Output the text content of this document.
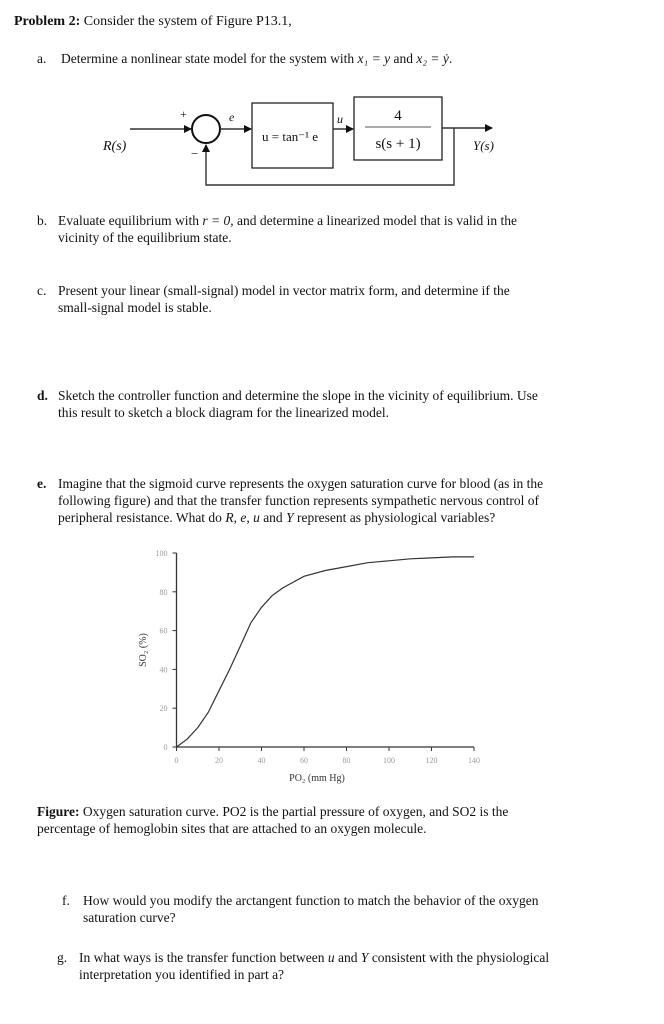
Problem 2: Consider the system of Figure P13.1,
a. Determine a nonlinear state model for the system with x₁ = y and x₂ = ẏ.
R(s)
+
−
e
u = tan⁻¹ e
u	4
s(s + 1)	Y(s)
b. Evaluate equilibrium with r = 0, and determine a linearized model that is valid in the
vicinity of the equilibrium state.
c. Present your linear (small-signal) model in vector matrix form, and determine if the
small-signal model is stable.
d. Sketch the controller function and determine the slope in the vicinity of equilibrium. Use
this result to sketch a block diagram for the linearized model.
e. Imagine that the sigmoid curve represents the oxygen saturation curve for blood (as in the
following figure) and that the transfer function represents sympathetic nervous control of
peripheral resistance. What do R, e, u and Y represent as physiological variables?
0
20
40
60
80
100
0	20	40	60	80	100	120	140
PO₂ (mm Hg)
SO₂ (%)
Figure: Oxygen saturation curve. PO2 is the partial pressure of oxygen, and SO2 is the
percentage of hemoglobin sites that are attached to an oxygen molecule.
f. How would you modify the arctangent function to match the behavior of the oxygen
saturation curve?
g. In what ways is the transfer function between u and Y consistent with the physiological
interpretation you identified in part a?
